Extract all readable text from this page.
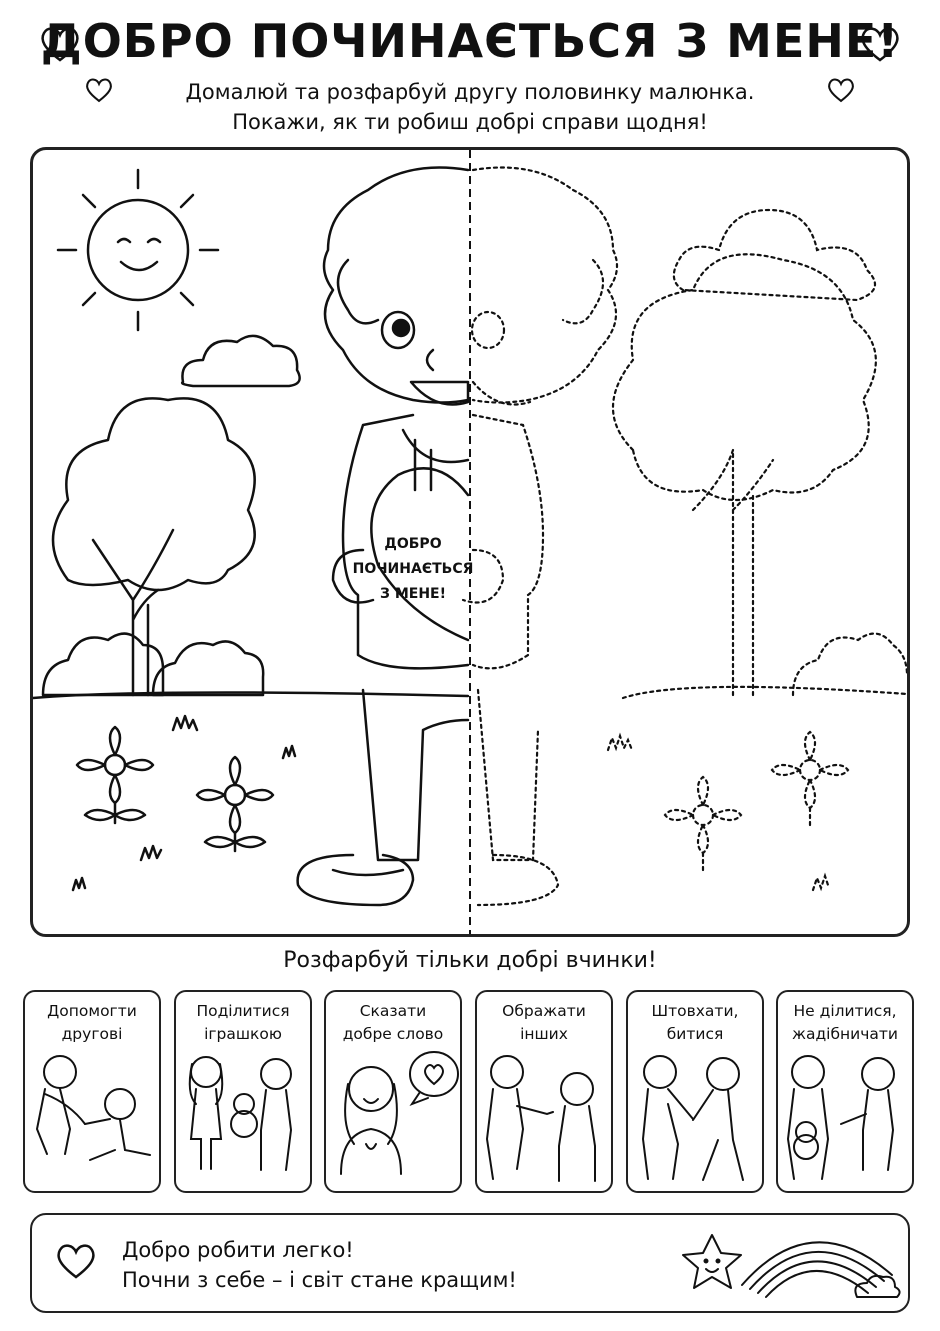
ДОБРО ПОЧИНАЄТЬСЯ З МЕНЕ!
Домалюй та розфарбуй другу половинку малюнка.
Покажи, як ти робиш добрі справи щодня!
ДОБРО
ПОЧИНАЄТЬСЯ
З МЕНЕ!
Розфарбуй тільки добрі вчинки!
Допомогти
другові
Поділитися
іграшкою
Сказати
добре слово
Ображати
інших
Штовхати,
битися
Не ділитися,
жадібничати
Добро робити легко!
Почни з себе – і світ стане кращим!
